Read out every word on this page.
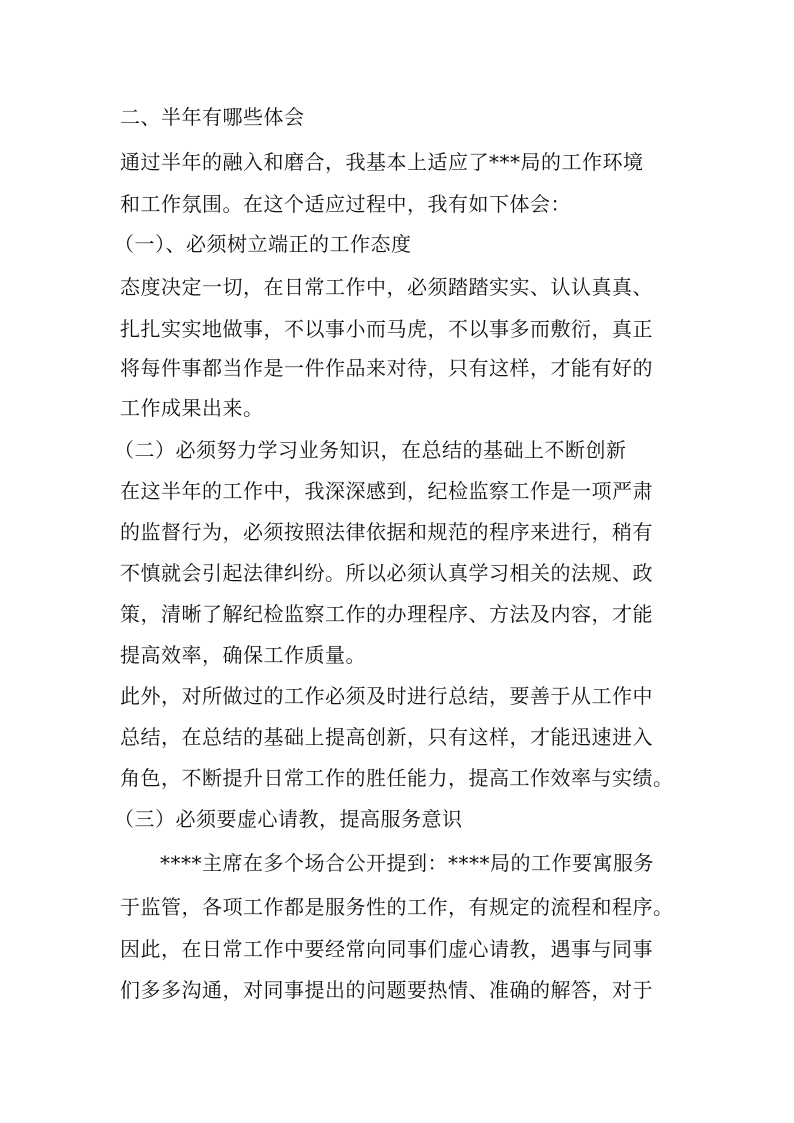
二、半年有哪些体会
通过半年的融入和磨合，我基本上适应了***局的工作环境
和工作氛围。在这个适应过程中，我有如下体会：
（一）、必须树立端正的工作态度
态度决定一切，在日常工作中，必须踏踏实实、认认真真、
扎扎实实地做事，不以事小而马虎，不以事多而敷衍，真正
将每件事都当作是一件作品来对待，只有这样，才能有好的
工作成果出来。
（二）必须努力学习业务知识，在总结的基础上不断创新
在这半年的工作中，我深深感到，纪检监察工作是一项严肃
的监督行为，必须按照法律依据和规范的程序来进行，稍有
不慎就会引起法律纠纷。所以必须认真学习相关的法规、政
策，清晰了解纪检监察工作的办理程序、方法及内容，才能
提高效率，确保工作质量。
此外，对所做过的工作必须及时进行总结，要善于从工作中
总结，在总结的基础上提高创新，只有这样，才能迅速进入
角色，不断提升日常工作的胜任能力，提高工作效率与实绩。
（三）必须要虚心请教，提高服务意识
****主席在多个场合公开提到：****局的工作要寓服务
于监管，各项工作都是服务性的工作，有规定的流程和程序。
因此，在日常工作中要经常向同事们虚心请教，遇事与同事
们多多沟通，对同事提出的问题要热情、准确的解答，对于
